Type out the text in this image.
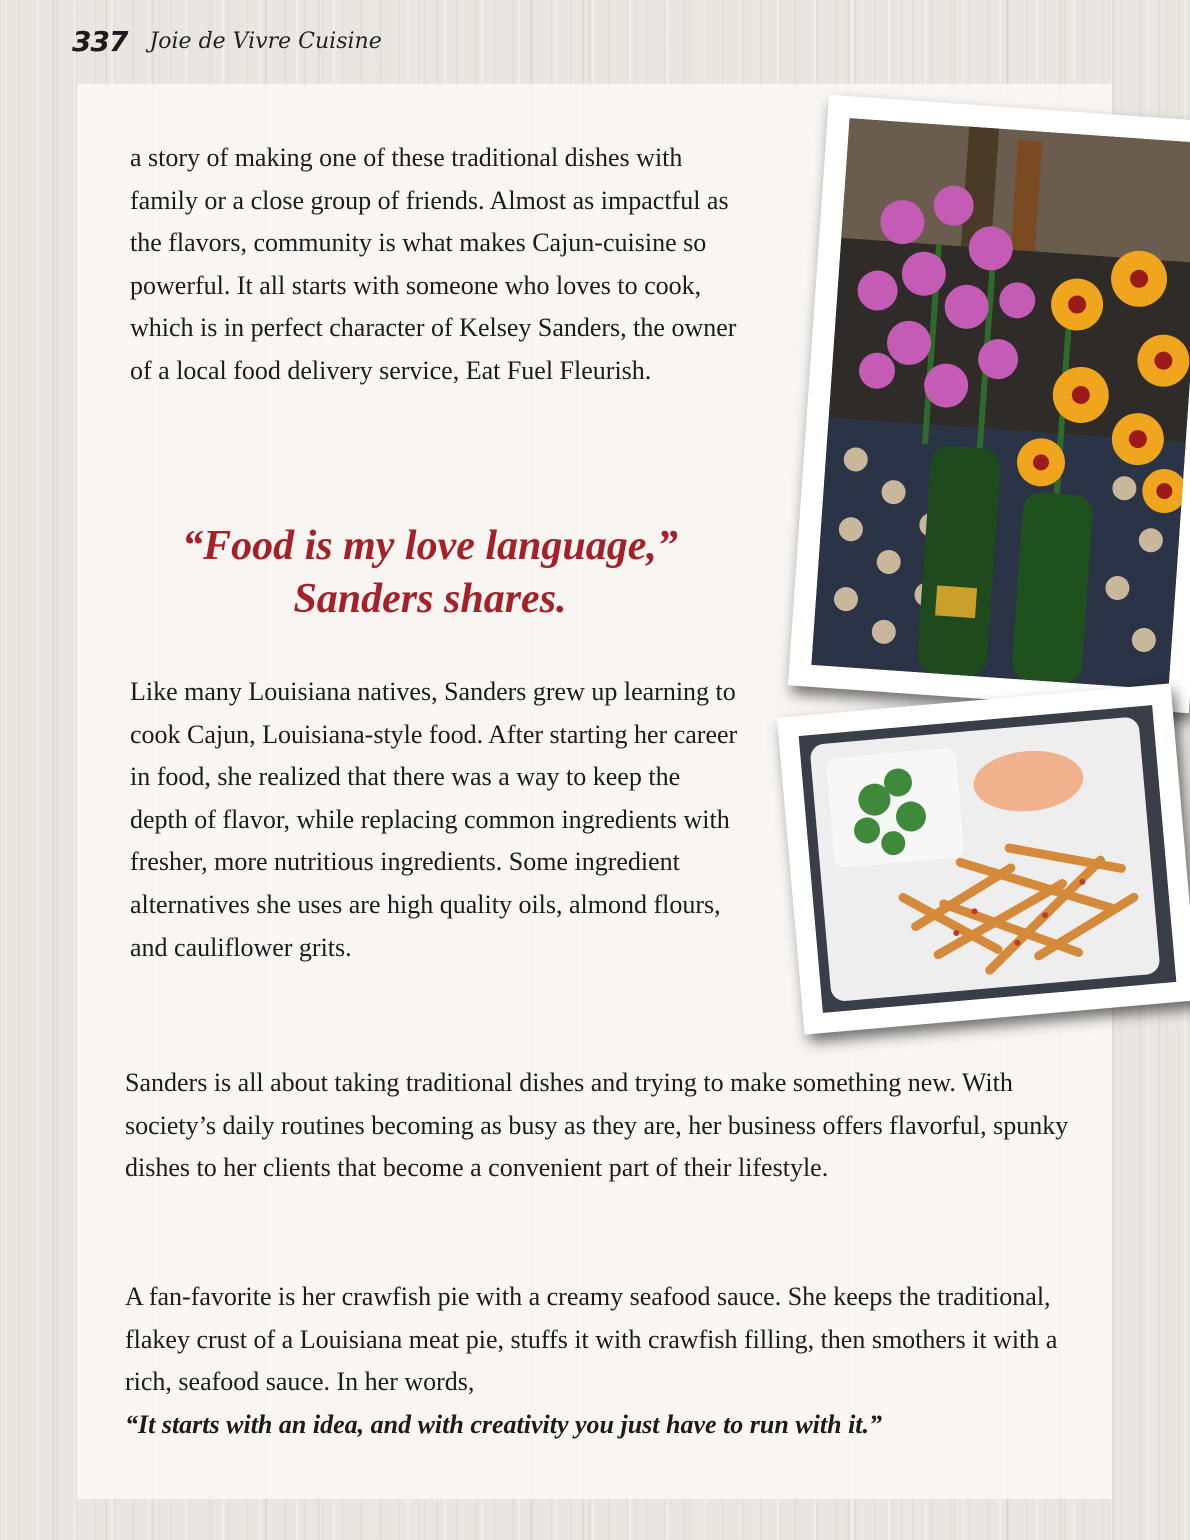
337 Joie de Vivre Cuisine

a story of making one of these traditional dishes with family or a close group of friends. Almost as impactful as the flavors, community is what makes Cajun-cuisine so powerful. It all starts with someone who loves to cook, which is in perfect character of Kelsey Sanders, the owner of a local food delivery service, Eat Fuel Fleurish.

“Food is my love language,”
Sanders shares.

Like many Louisiana natives, Sanders grew up learning to cook Cajun, Louisiana-style food. After starting her career in food, she realized that there was a way to keep the depth of flavor, while replacing common ingredients with fresher, more nutritious ingredients. Some ingredient alternatives she uses are high quality oils, almond flours, and cauliflower grits.

Sanders is all about taking traditional dishes and trying to make something new. With society’s daily routines becoming as busy as they are, her business offers flavorful, spunky dishes to her clients that become a convenient part of their lifestyle.

A fan-favorite is her crawfish pie with a creamy seafood sauce. She keeps the traditional, flakey crust of a Louisiana meat pie, stuffs it with crawfish filling, then smothers it with a rich, seafood sauce. In her words,
“It starts with an idea, and with creativity you just have to run with it.”
